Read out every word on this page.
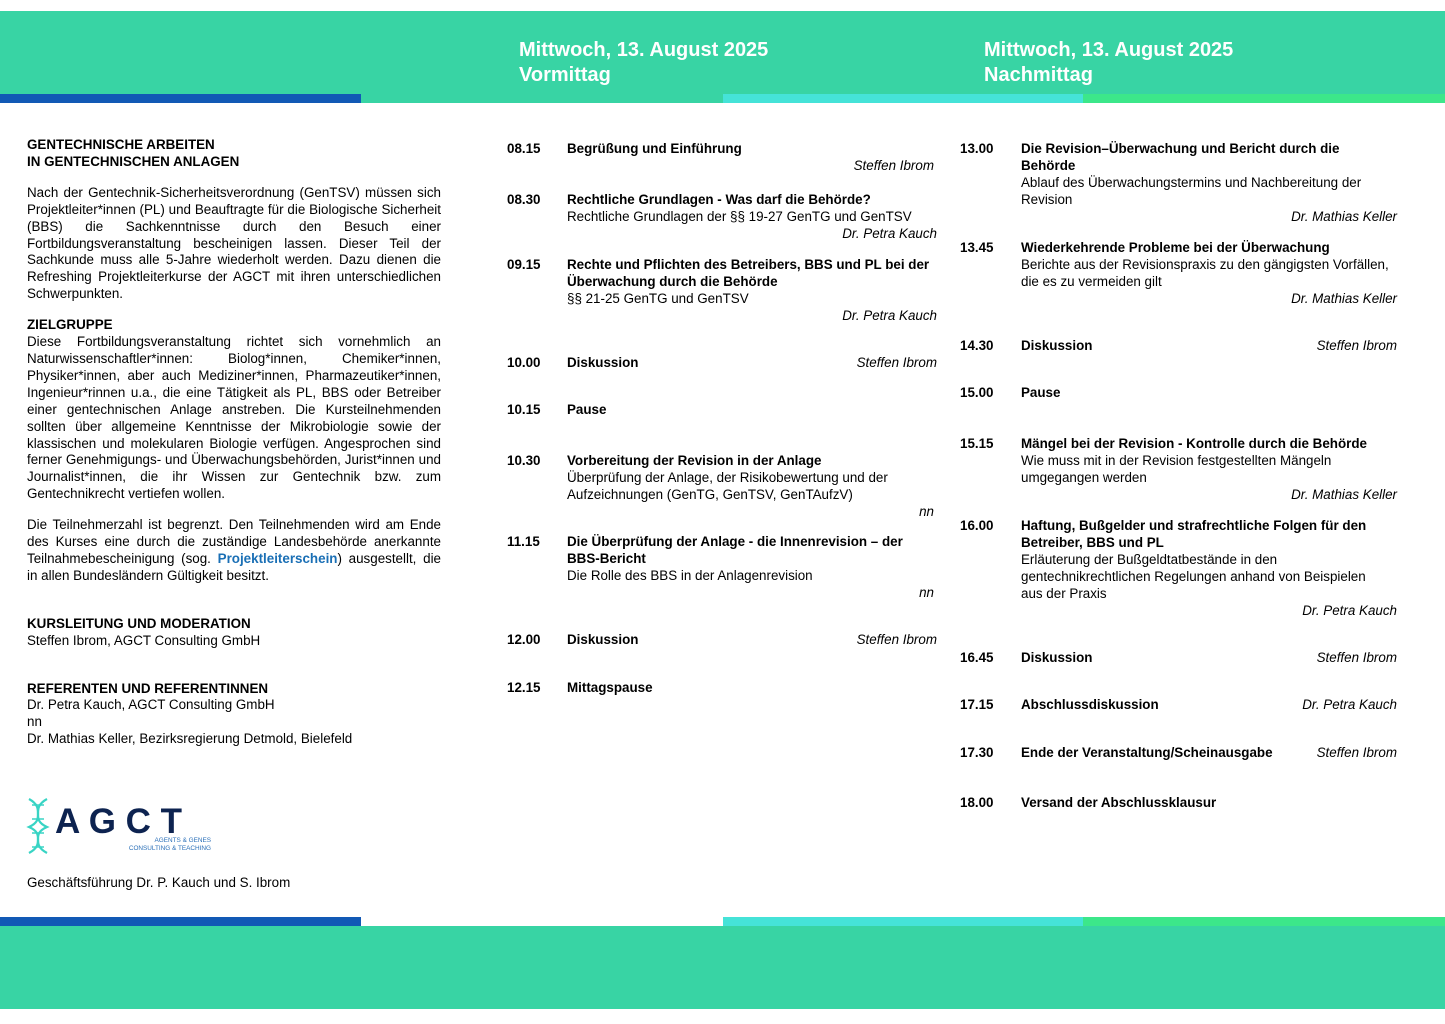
Mittwoch, 13. August 2025
Vormittag
Mittwoch, 13. August 2025
Nachmittag
GENTECHNISCHE ARBEITEN
IN GENTECHNISCHEN ANLAGEN

Nach der Gentechnik-Sicherheitsverordnung (GenTSV) müssen sich Projektleiter*innen (PL) und Beauftragte für die Biologische Sicherheit (BBS) die Sachkenntnisse durch den Besuch einer Fortbildungsveranstaltung bescheinigen lassen. Dieser Teil der Sachkunde muss alle 5-Jahre wiederholt werden. Dazu dienen die Refreshing Projektleiterkurse der AGCT mit ihren unterschiedlichen Schwerpunkten.

ZIELGRUPPE

Diese Fortbildungsveranstaltung richtet sich vornehmlich an Naturwissenschaftler*innen: Biolog*innen, Chemiker*innen, Physiker*innen, aber auch Mediziner*innen, Pharmazeutiker*innen, Ingenieur*rinnen u.a., die eine Tätigkeit als PL, BBS oder Betreiber einer gentechnischen Anlage anstreben. Die Kursteilnehmenden sollten über allgemeine Kenntnisse der Mikrobiologie sowie der klassischen und molekularen Biologie verfügen. Angesprochen sind ferner Genehmigungs- und Überwachungsbehörden, Jurist*innen und Journalist*innen, die ihr Wissen zur Gentechnik bzw. zum Gentechnikrecht vertiefen wollen.

Die Teilnehmerzahl ist begrenzt. Den Teilnehmenden wird am Ende des Kurses eine durch die zuständige Landesbehörde anerkannte Teilnahmebescheinigung (sog. Projektleiterschein) ausgestellt, die in allen Bundesländern Gültigkeit besitzt.

KURSLEITUNG UND MODERATION
Steffen Ibrom, AGCT Consulting GmbH
REFERENTEN UND REFERENTINNEN
Dr. Petra Kauch, AGCT Consulting GmbH
nn
Dr. Mathias Keller, Bezirksregierung Detmold, Bielefeld
A G C T
AGENTS & GENES
CONSULTING & TEACHING
Geschäftsführung Dr. P. Kauch und S. Ibrom
08.15 Begrüßung und Einführung
Steffen Ibrom
08.30 Rechtliche Grundlagen - Was darf die Behörde?
Rechtliche Grundlagen der §§ 19-27 GenTG und GenTSV
Dr. Petra Kauch
09.15 Rechte und Pflichten des Betreibers, BBS und PL bei der Überwachung durch die Behörde
§§ 21-25 GenTG und GenTSV
Dr. Petra Kauch
10.00 Diskussion	Steffen Ibrom
10.15 Pause
10.30 Vorbereitung der Revision in der Anlage
Überprüfung der Anlage, der Risikobewertung und der Aufzeichnungen (GenTG, GenTSV, GenTAufzV)
nn
11.15 Die Überprüfung der Anlage - die Innenrevision – der BBS-Bericht
Die Rolle des BBS in der Anlagenrevision
nn
12.00 Diskussion	Steffen Ibrom
12.15 Mittagspause
13.00 Die Revision–Überwachung und Bericht durch die Behörde
Ablauf des Überwachungstermins und Nachbereitung der Revision
Dr. Mathias Keller
13.45 Wiederkehrende Probleme bei der Überwachung
Berichte aus der Revisionspraxis zu den gängigsten Vorfällen, die es zu vermeiden gilt
Dr. Mathias Keller
14.30 Diskussion	Steffen Ibrom
15.00 Pause
15.15 Mängel bei der Revision - Kontrolle durch die Behörde
Wie muss mit in der Revision festgestellten Mängeln umgegangen werden
Dr. Mathias Keller
16.00 Haftung, Bußgelder und strafrechtliche Folgen für den Betreiber, BBS und PL
Erläuterung der Bußgeldtatbestände in den gentechnikrechtlichen Regelungen anhand von Beispielen aus der Praxis
Dr. Petra Kauch
16.45 Diskussion	Steffen Ibrom
17.15 Abschlussdiskussion	Dr. Petra Kauch
17.30 Ende der Veranstaltung/Scheinausgabe	Steffen Ibrom
18.00 Versand der Abschlussklausur
